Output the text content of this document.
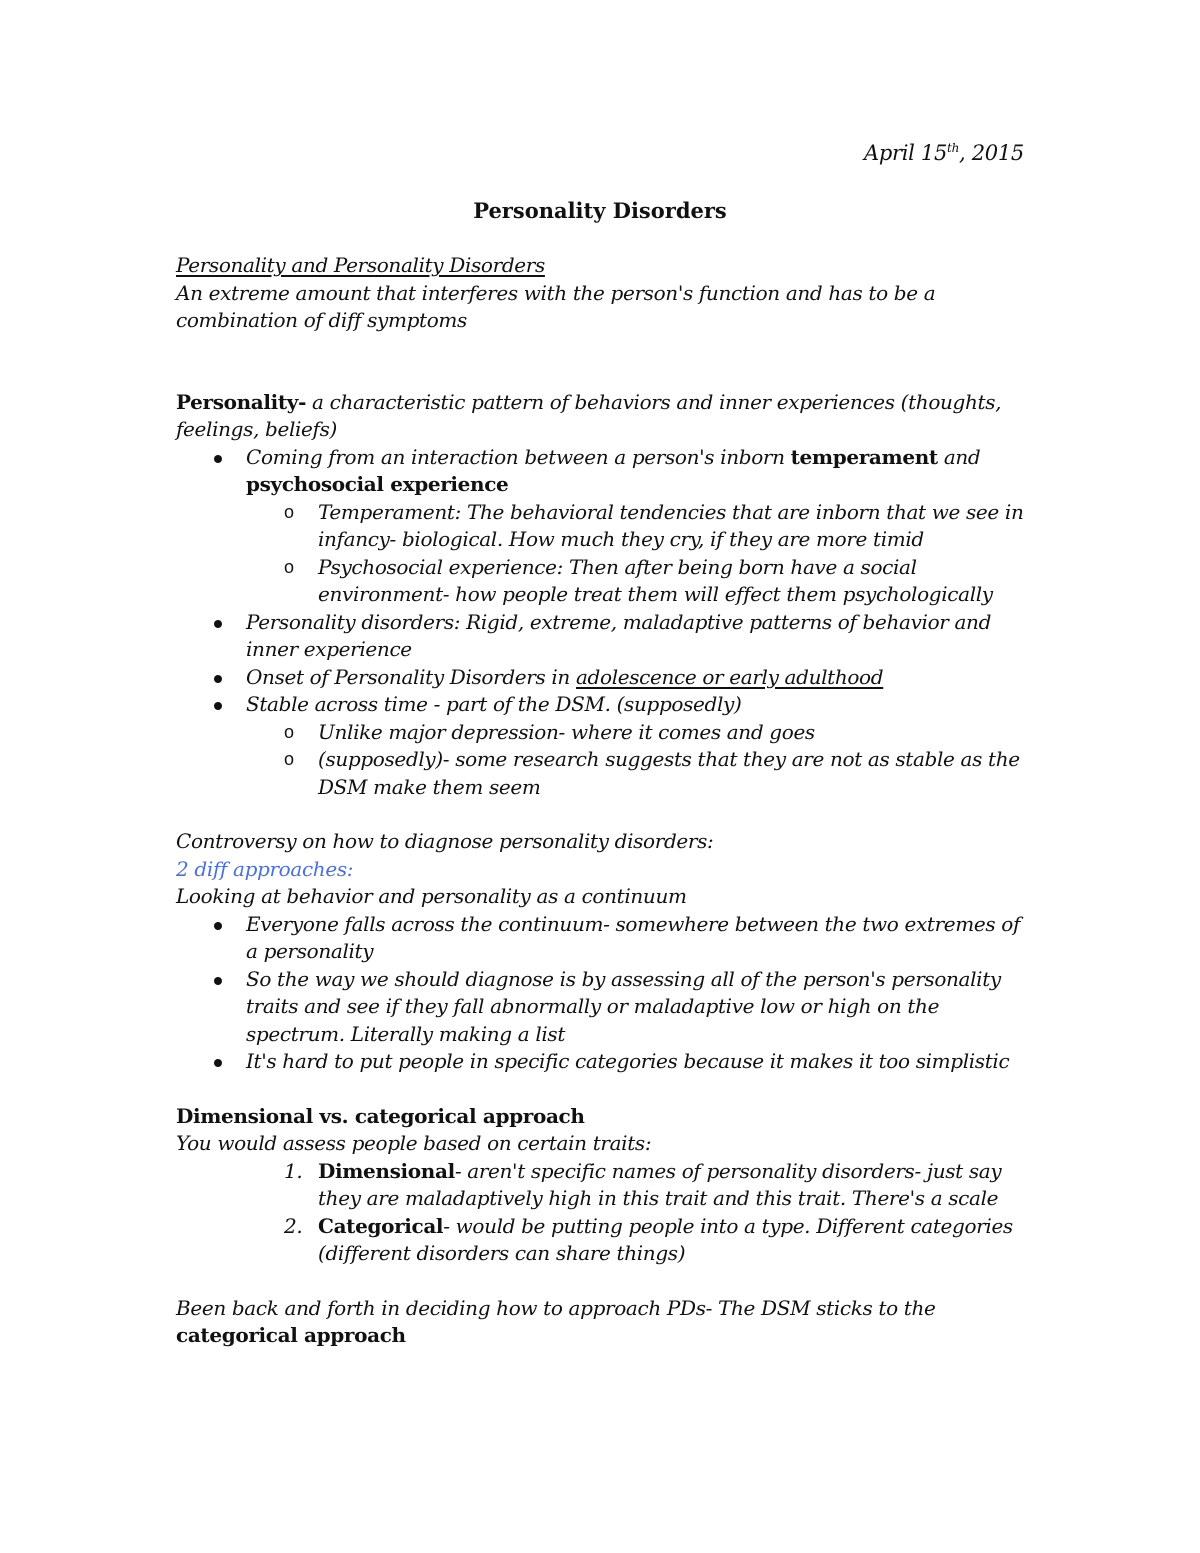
April 15th, 2015
Personality Disorders

Personality and Personality Disorders

An extreme amount that interferes with the person's function and has to be a combination of diff symptoms

Personality- a characteristic pattern of behaviors and inner experiences (thoughts, feelings, beliefs)

Coming from an interaction between a person's inborn temperament and psychosocial experience
o Temperament: The behavioral tendencies that are inborn that we see in infancy- biological. How much they cry, if they are more timid
o Psychosocial experience: Then after being born have a social environment- how people treat them will effect them psychologically
Personality disorders: Rigid, extreme, maladaptive patterns of behavior and inner experience
Onset of Personality Disorders in adolescence or early adulthood
Stable across time - part of the DSM. (supposedly)
o Unlike major depression- where it comes and goes
o (supposedly)- some research suggests that they are not as stable as the DSM make them seem

Controversy on how to diagnose personality disorders:

2 diff approaches:

Looking at behavior and personality as a continuum

Everyone falls across the continuum- somewhere between the two extremes of a personality
So the way we should diagnose is by assessing all of the person's personality traits and see if they fall abnormally or maladaptive low or high on the spectrum. Literally making a list
It's hard to put people in specific categories because it makes it too simplistic

Dimensional vs. categorical approach

You would assess people based on certain traits:

1. Dimensional- aren't specific names of personality disorders- just say they are maladaptively high in this trait and this trait. There's a scale
2. Categorical- would be putting people into a type. Different categories (different disorders can share things)

Been back and forth in deciding how to approach PDs- The DSM sticks to the categorical approach
